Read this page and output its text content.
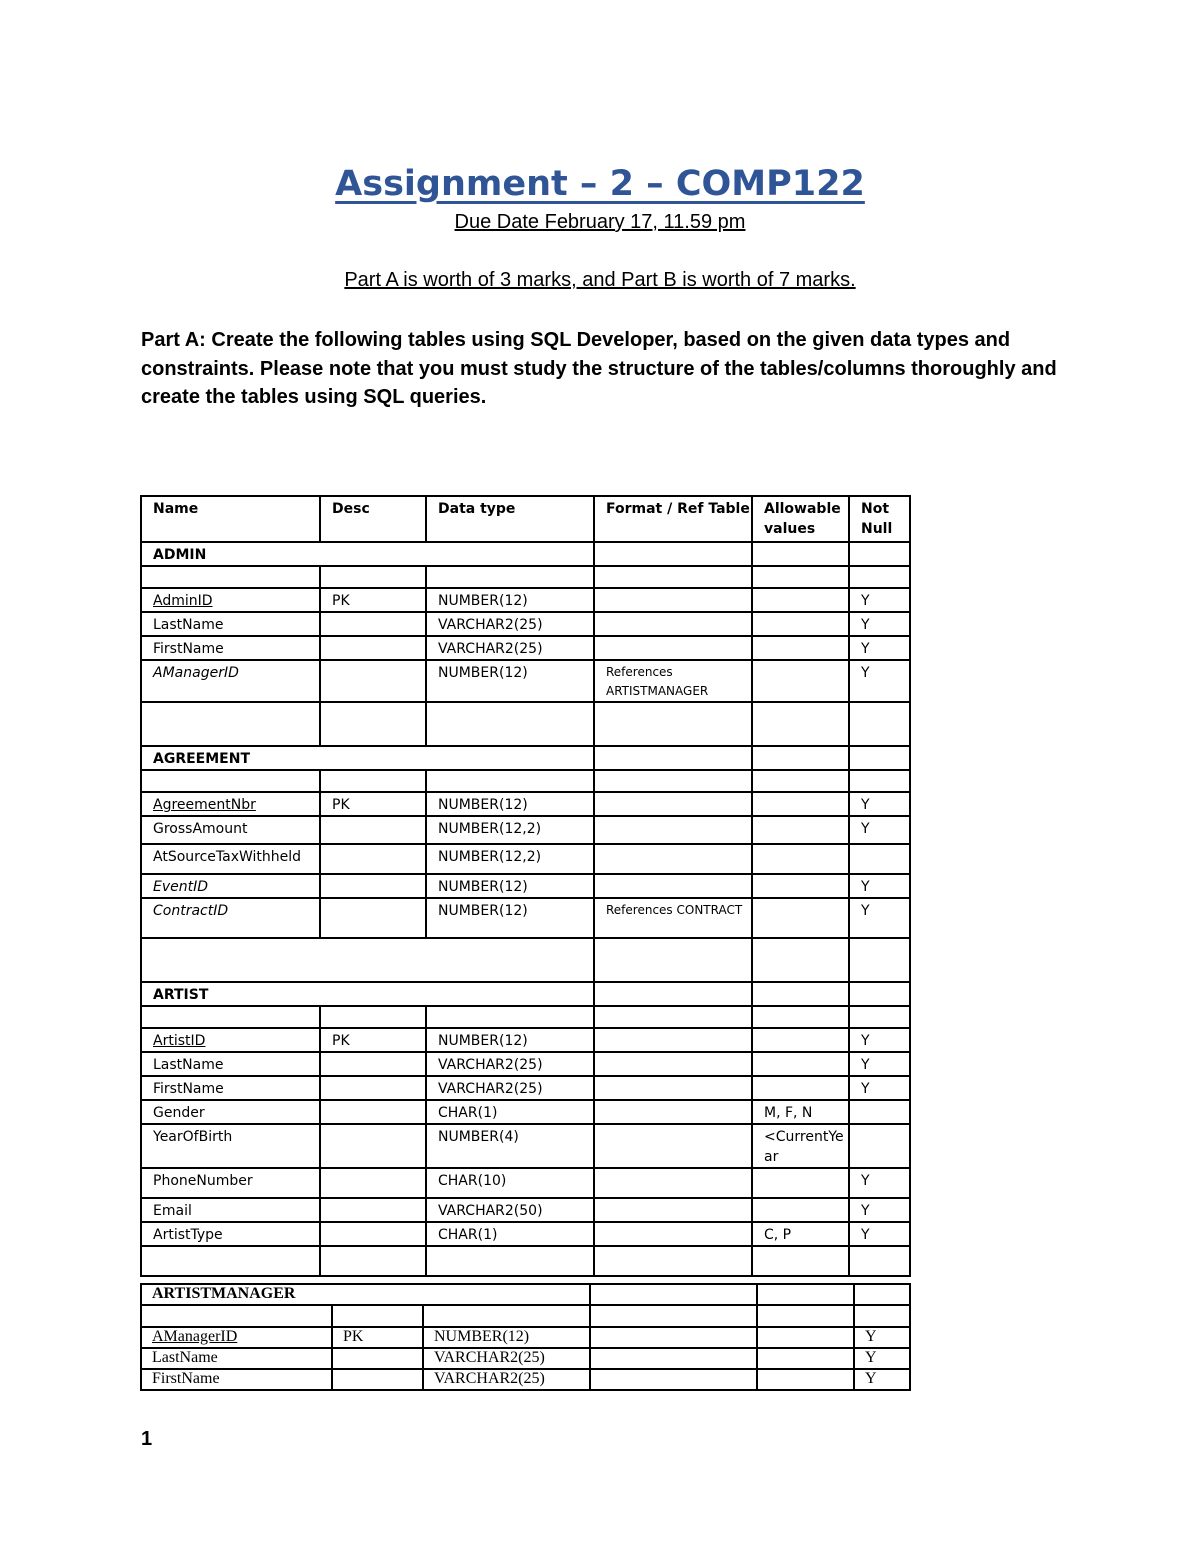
Assignment – 2 – COMP122
Due Date February 17, 11.59 pm
Part A is worth of 3 marks, and Part B is worth of 7 marks.
Part A: Create the following tables using SQL Developer, based on the given data types and constraints. Please note that you must study the structure of the tables/columns thoroughly and create the tables using SQL queries.
Name	Desc	Data type	Format / Ref Table	Allowable values	Not Null
ADMIN					

AdminID	PK	NUMBER(12)			Y
LastName		VARCHAR2(25)			Y
FirstName		VARCHAR2(25)			Y
AManagerID		NUMBER(12)	References ARTISTMANAGER		Y

AGREEMENT					

AgreementNbr	PK	NUMBER(12)			Y
GrossAmount		NUMBER(12,2)			Y
AtSourceTaxWithheld		NUMBER(12,2)			
EventID		NUMBER(12)			Y
ContractID		NUMBER(12)	References CONTRACT		Y

ARTIST					

ArtistID	PK	NUMBER(12)			Y
LastName		VARCHAR2(25)			Y
FirstName		VARCHAR2(25)			Y
Gender		CHAR(1)		M, F, N	
YearOfBirth		NUMBER(4)		<CurrentYear	
PhoneNumber		CHAR(10)			Y
Email		VARCHAR2(50)			Y
ArtistType		CHAR(1)		C, P	Y

ARTISTMANAGER					

AManagerID	PK	NUMBER(12)			Y
LastName		VARCHAR2(25)			Y
FirstName		VARCHAR2(25)			Y
1
